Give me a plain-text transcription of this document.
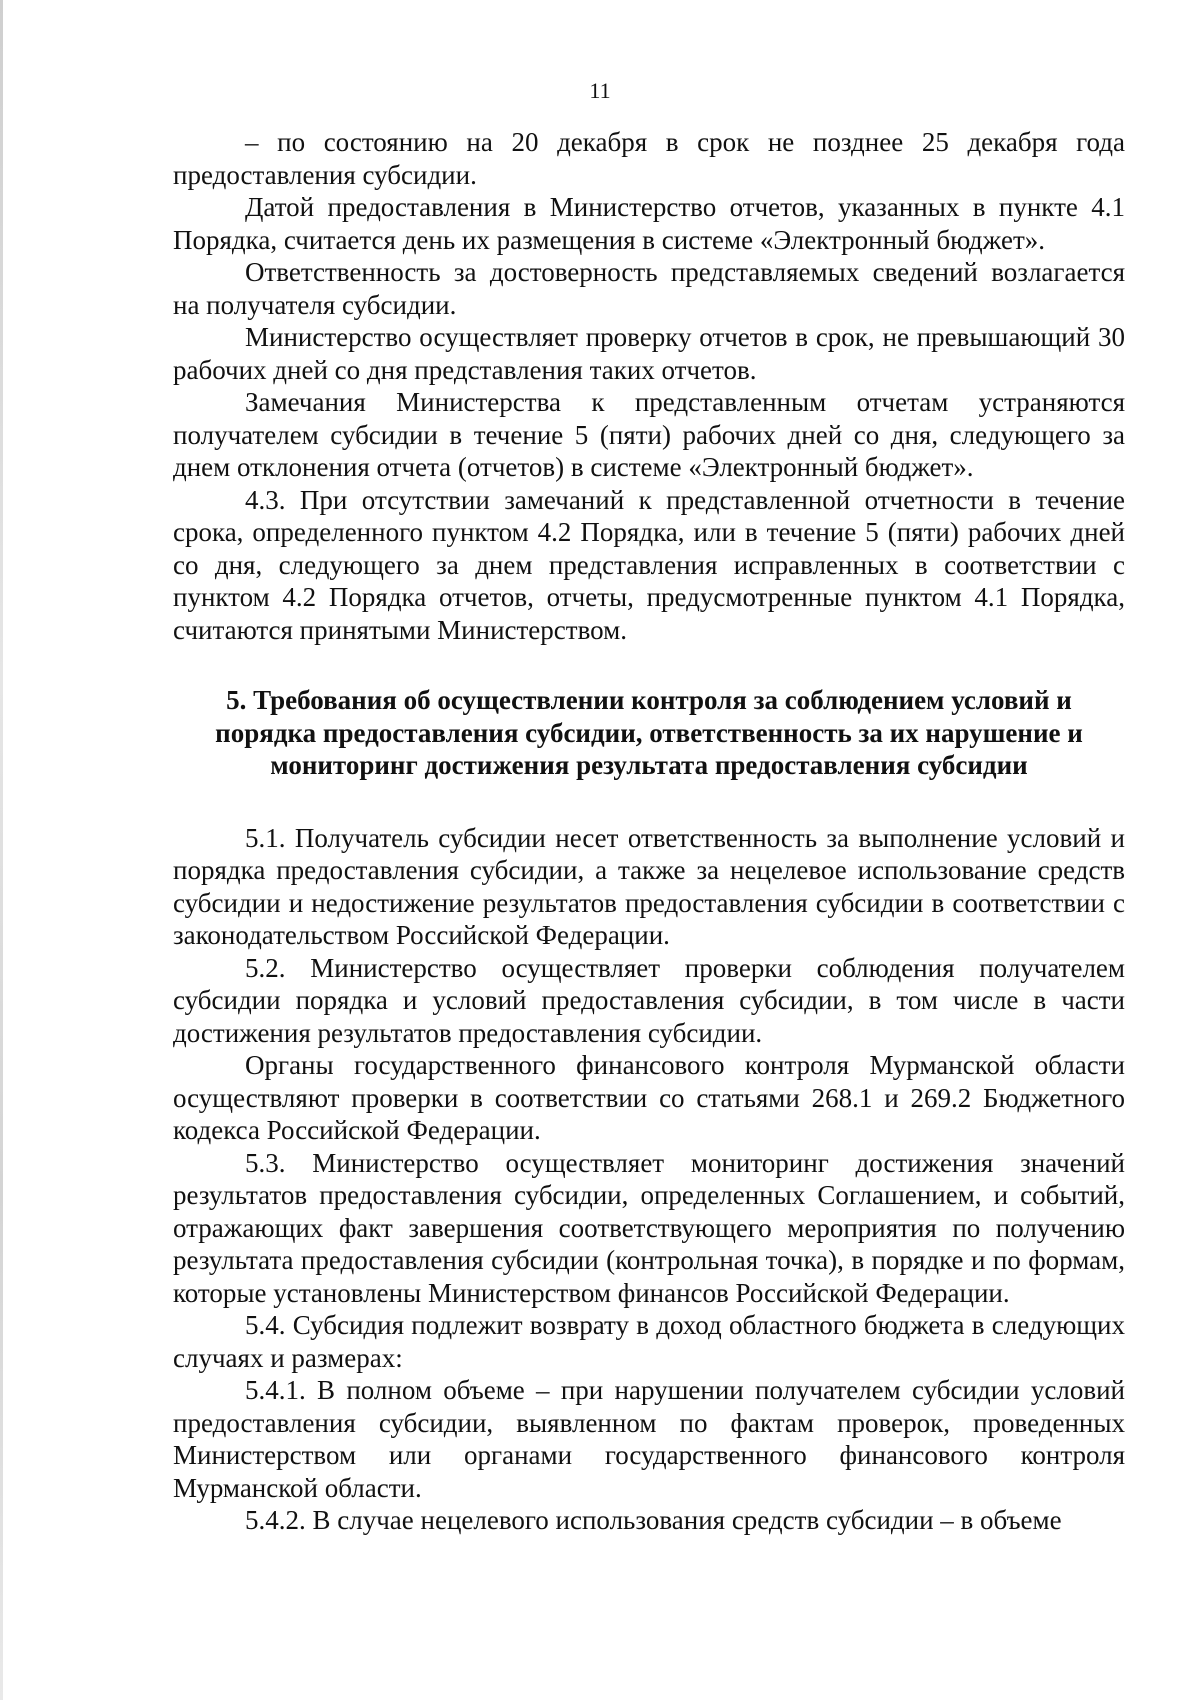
11

– по состоянию на 20 декабря в срок не позднее 25 декабря года предоставления субсидии.

Датой предоставления в Министерство отчетов, указанных в пункте 4.1 Порядка, считается день их размещения в системе «Электронный бюджет».

Ответственность за достоверность представляемых сведений возлагается на получателя субсидии.

Министерство осуществляет проверку отчетов в срок, не превышающий 30 рабочих дней со дня представления таких отчетов.

Замечания Министерства к представленным отчетам устраняются получателем субсидии в течение 5 (пяти) рабочих дней со дня, следующего за днем отклонения отчета (отчетов) в системе «Электронный бюджет».

4.3. При отсутствии замечаний к представленной отчетности в течение срока, определенного пунктом 4.2 Порядка, или в течение 5 (пяти) рабочих дней со дня, следующего за днем представления исправленных в соответствии с пунктом 4.2 Порядка отчетов, отчеты, предусмотренные пунктом 4.1 Порядка, считаются принятыми Министерством.

5. Требования об осуществлении контроля за соблюдением условий и
порядка предоставления субсидии, ответственность за их нарушение и
мониторинг достижения результата предоставления субсидии

5.1. Получатель субсидии несет ответственность за выполнение условий и порядка предоставления субсидии, а также за нецелевое использование средств субсидии и недостижение результатов предоставления субсидии в соответствии с законодательством Российской Федерации.

5.2. Министерство осуществляет проверки соблюдения получателем субсидии порядка и условий предоставления субсидии, в том числе в части достижения результатов предоставления субсидии.

Органы государственного финансового контроля Мурманской области осуществляют проверки в соответствии со статьями 268.1 и 269.2 Бюджетного кодекса Российской Федерации.

5.3. Министерство осуществляет мониторинг достижения значений результатов предоставления субсидии, определенных Соглашением, и событий, отражающих факт завершения соответствующего мероприятия по получению результата предоставления субсидии (контрольная точка), в порядке и по формам, которые установлены Министерством финансов Российской Федерации.

5.4. Субсидия подлежит возврату в доход областного бюджета в следующих случаях и размерах:

5.4.1. В полном объеме – при нарушении получателем субсидии условий предоставления субсидии, выявленном по фактам проверок, проведенных Министерством или органами государственного финансового контроля Мурманской области.

5.4.2. В случае нецелевого использования средств субсидии – в объеме
